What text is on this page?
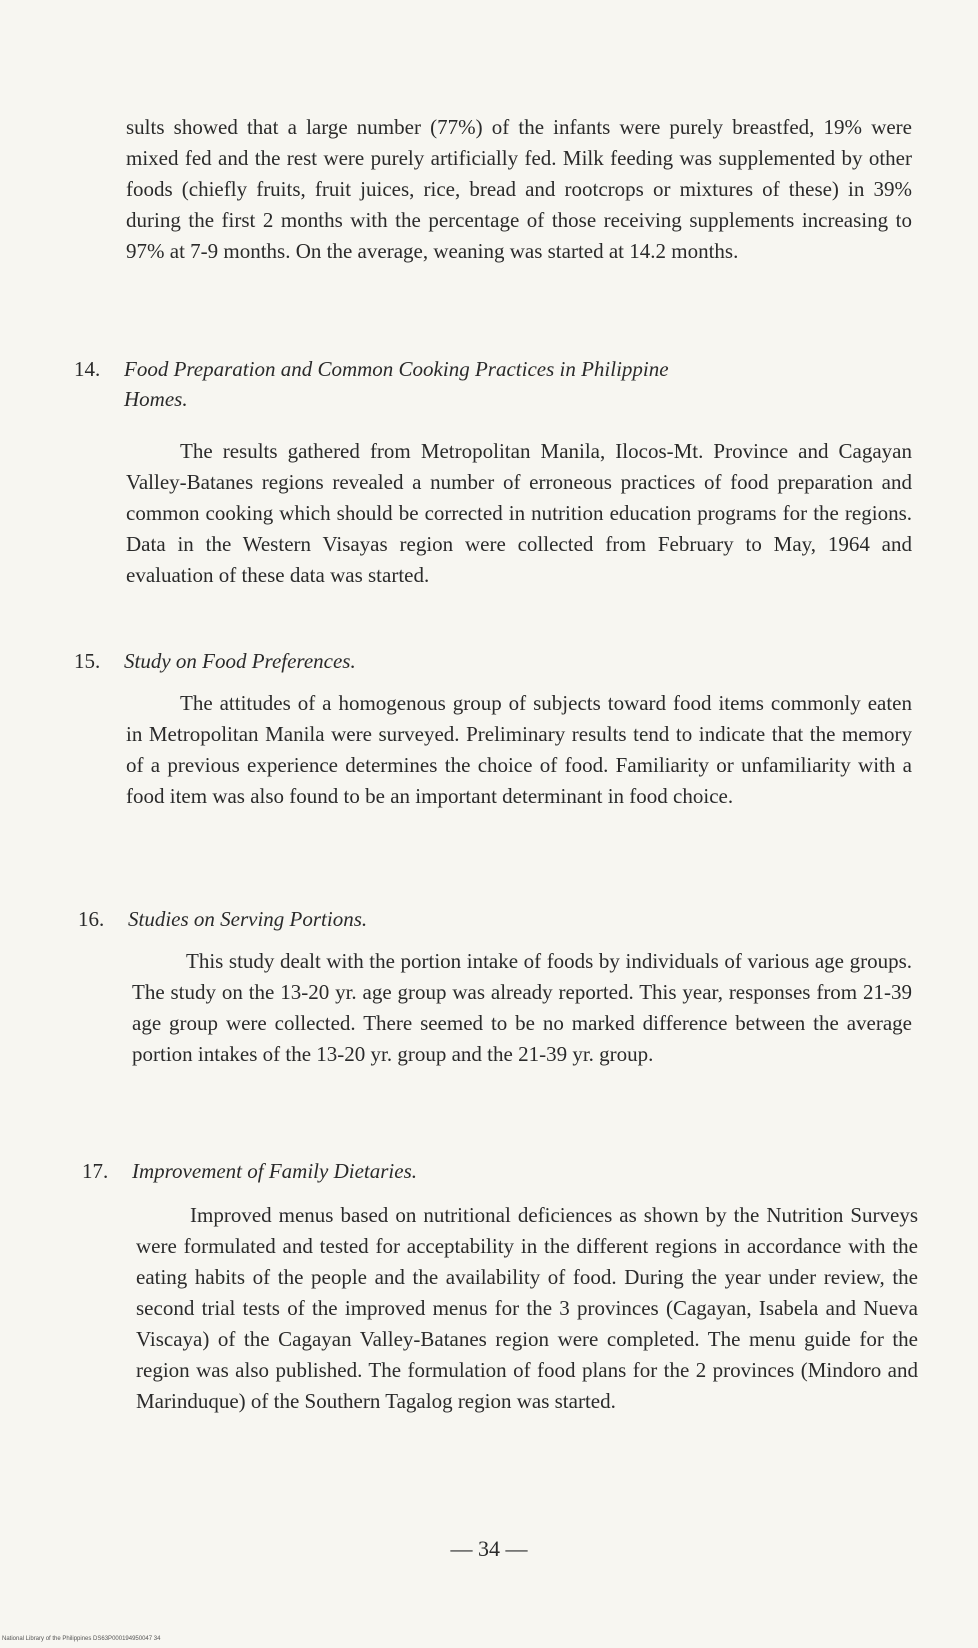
sults showed that a large number (77%) of the infants were purely breastfed, 19% were mixed fed and the rest were purely artificially fed. Milk feeding was supplemented by other foods (chiefly fruits, fruit juices, rice, bread and rootcrops or mixtures of these) in 39% during the first 2 months with the percentage of those receiving supplements increasing to 97% at 7-9 months. On the average, weaning was started at 14.2 months.

14. Food Preparation and Common Cooking Practices in Philippine
Homes.

The results gathered from Metropolitan Manila, Ilocos-Mt. Province and Cagayan Valley-Batanes regions revealed a number of erroneous practices of food preparation and common cooking which should be corrected in nutrition education programs for the regions. Data in the Western Visayas region were collected from February to May, 1964 and evaluation of these data was started.

15. Study on Food Preferences.

The attitudes of a homogenous group of subjects toward food items commonly eaten in Metropolitan Manila were surveyed. Preliminary results tend to indicate that the memory of a previous experience determines the choice of food. Familiarity or unfamiliarity with a food item was also found to be an important determinant in food choice.

16. Studies on Serving Portions.

This study dealt with the portion intake of foods by individuals of various age groups. The study on the 13-20 yr. age group was already reported. This year, responses from 21-39 age group were collected. There seemed to be no marked difference between the average portion intakes of the 13-20 yr. group and the 21-39 yr. group.

17. Improvement of Family Dietaries.

Improved menus based on nutritional deficiences as shown by the Nutrition Surveys were formulated and tested for acceptability in the different regions in accordance with the eating habits of the people and the availability of food. During the year under review, the second trial tests of the improved menus for the 3 provinces (Cagayan, Isabela and Nueva Viscaya) of the Cagayan Valley-Batanes region were completed. The menu guide for the region was also published. The formulation of food plans for the 2 provinces (Mindoro and Marinduque) of the Southern Tagalog region was started.

— 34 —
National Library of the Philippines DS63P000194950047 34
